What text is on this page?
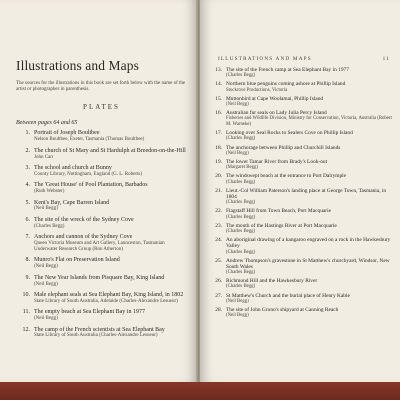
Illustrations and Maps

The sources for the illustrations in this book are set forth below with the name of the artist or photographer in parenthesis.

PLATES
Between pages 64 and 65
1. Portrait of Joseph Boultbee
Nelson Boultbee, Exeter, Tasmania (Thomas Boultbee)
2. The church of St Mary and St Hardulph at Breedon-on-the-Hill
John Carr
3. The school and church at Bunny
County Library, Nottingham, England (G. L. Roberts)
4. The 'Great House' of Pool Plantation, Barbados
(Ruth Webster)
5. Kent's Bay, Cape Barren Island
(Neil Begg)
6. The site of the wreck of the Sydney Cove
(Charles Begg)
7. Anchors and cannon of the Sydney Cove
Queen Victoria Museum and Art Gallery, Launceston, Tasmanian Underwater Research Group (Ron Atherton)
8. Munro's Flat on Preservation Island
(Neil Begg)
9. The New Year Islands from Pisquare Bay, King Island
(Neil Begg)
10. Male elephant seals at Sea Elephant Bay, King Island, in 1802
State Library of South Australia, Adelaide (Charles-Alexandre Lesueur)
11. The empty beach at Sea Elephant Bay in 1977
(Neil Begg)
12. The camp of the French scientists at Sea Elephant Bay
State Library of South Australia (Charles-Alexandre Lesueur)
ILLUSTRATIONS AND MAPS	11
13. The site of the French camp at Sea Elephant Bay in 1977
(Charles Begg)
14. Northern blue penguins coming ashore at Phillip Island
Stockrove Productions, Victoria
15. Muttonbird at Cape Woolamai, Phillip Island
(Neil Begg)
16. Australian fur seals on Lady Julia Percy Island
Fisheries and Wildlife Division, Ministry for Conservation, Victoria, Australia (Robert M. Warneke)
17. Looking over Seal Rocks to Sealers Cove on Phillip Island
(Charles Begg)
18. The anchorage between Phillip and Churchill Islands
(Neil Begg)
19. The lower Tamar River from Brady's Look-out
(Margaret Begg)
20. The windswept beach at the entrance to Port Dalrymple
(Charles Begg)
21. Lieut.-Col William Paterson's landing place at George Town, Tasmania, in 1804
(Charles Begg)
22. Flagstaff Hill from Town Beach, Port Macquarie
(Charles Begg)
23. The mouth of the Hastings River at Port Macquarie
(Charles Begg)
24. An aboriginal drawing of a kangaroo engraved on a rock in the Hawkesbury Valley
(Charles Begg)
25. Andrew Thompson's gravestone in St Matthew's churchyard, Windsor, New South Wales
(Charles Begg)
26. Richmond Hill and the Hawkesbury River
(Charles Begg)
27. St Matthew's Church and the burial place of Henry Kable
(Neil Begg)
28. The site of John Grono's shipyard at Canning Reach
(Neil Begg)
